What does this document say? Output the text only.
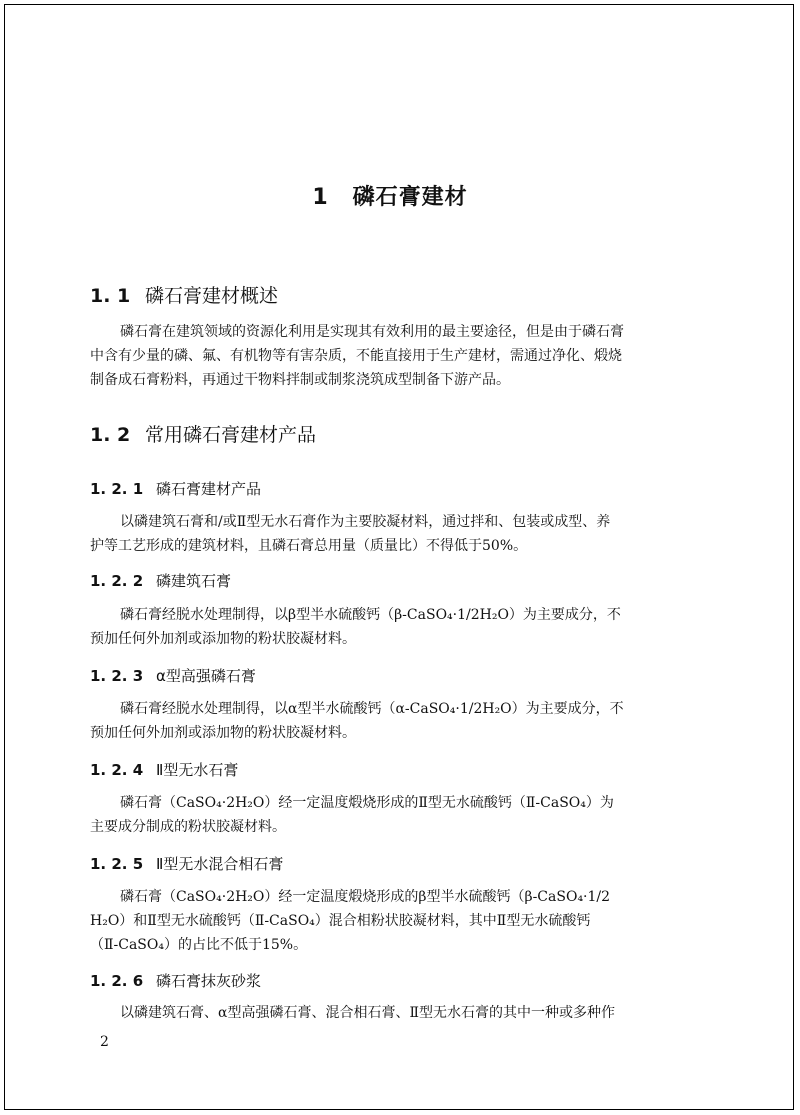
1 磷石膏建材
1. 1 磷石膏建材概述
磷石膏在建筑领域的资源化利用是实现其有效利用的最主要途径，但是由于磷石膏
中含有少量的磷、氟、有机物等有害杂质，不能直接用于生产建材，需通过净化、煅烧
制备成石膏粉料，再通过干物料拌制或制浆浇筑成型制备下游产品。
1. 2 常用磷石膏建材产品
1. 2. 1 磷石膏建材产品
以磷建筑石膏和/或Ⅱ型无水石膏作为主要胶凝材料，通过拌和、包装或成型、养
护等工艺形成的建筑材料，且磷石膏总用量（质量比）不得低于50%。
1. 2. 2 磷建筑石膏
磷石膏经脱水处理制得，以β型半水硫酸钙（β-CaSO₄·1/2H₂O）为主要成分，不
预加任何外加剂或添加物的粉状胶凝材料。
1. 2. 3 α型高强磷石膏
磷石膏经脱水处理制得，以α型半水硫酸钙（α-CaSO₄·1/2H₂O）为主要成分，不
预加任何外加剂或添加物的粉状胶凝材料。
1. 2. 4 Ⅱ型无水石膏
磷石膏（CaSO₄·2H₂O）经一定温度煅烧形成的Ⅱ型无水硫酸钙（Ⅱ-CaSO₄）为
主要成分制成的粉状胶凝材料。
1. 2. 5 Ⅱ型无水混合相石膏
磷石膏（CaSO₄·2H₂O）经一定温度煅烧形成的β型半水硫酸钙（β-CaSO₄·1/2
H₂O）和Ⅱ型无水硫酸钙（Ⅱ-CaSO₄）混合相粉状胶凝材料，其中Ⅱ型无水硫酸钙
（Ⅱ-CaSO₄）的占比不低于15%。
1. 2. 6 磷石膏抹灰砂浆
以磷建筑石膏、α型高强磷石膏、混合相石膏、Ⅱ型无水石膏的其中一种或多种作
2
